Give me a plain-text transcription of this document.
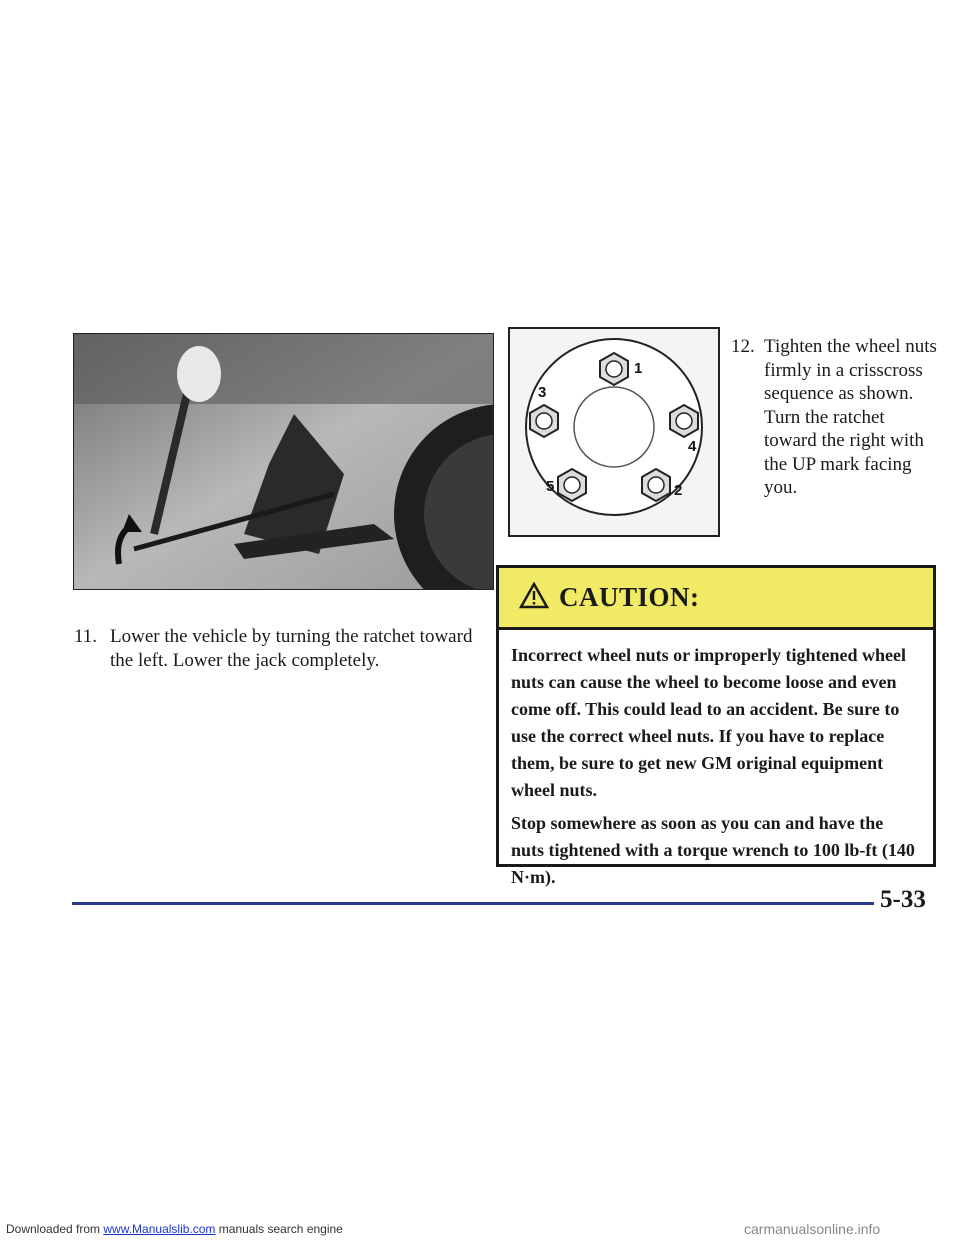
1
2
3
4
5
12. Tighten the wheel nuts firmly in a crisscross sequence as shown. Turn the ratchet toward the right with the UP mark facing you.
11. Lower the vehicle by turning the ratchet toward the left. Lower the jack completely.
CAUTION:

Incorrect wheel nuts or improperly tightened wheel nuts can cause the wheel to become loose and even come off. This could lead to an accident. Be sure to use the correct wheel nuts. If you have to replace them, be sure to get new GM original equipment wheel nuts.

Stop somewhere as soon as you can and have the nuts tightened with a torque wrench to 100 lb-ft (140 N·m).

5-33
Downloaded from www.Manualslib.com manuals search engine	carmanualsonline.info
